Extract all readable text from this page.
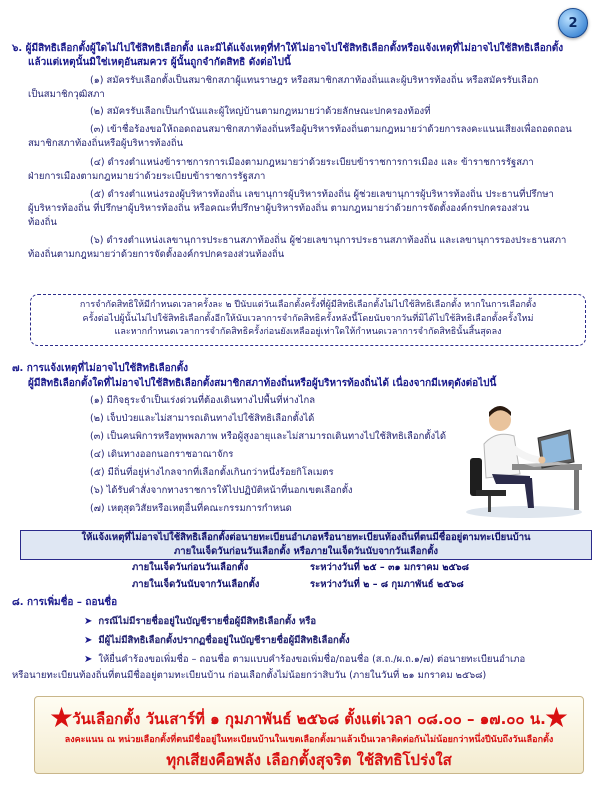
2
๖. ผู้มีสิทธิเลือกตั้งผู้ใดไม่ไปใช้สิทธิเลือกตั้ง และมิได้แจ้งเหตุที่ทำให้ไม่อาจไปใช้สิทธิเลือกตั้งหรือแจ้งเหตุที่ไม่อาจไปใช้สิทธิเลือกตั้ง
แล้วแต่เหตุนั้นมิใช่เหตุอันสมควร ผู้นั้นถูกจำกัดสิทธิ ดังต่อไปนี้
(๑) สมัครรับเลือกตั้งเป็นสมาชิกสภาผู้แทนราษฎร หรือสมาชิกสภาท้องถิ่นและผู้บริหารท้องถิ่น หรือสมัครรับเลือก
เป็นสมาชิกวุฒิสภา
(๒) สมัครรับเลือกเป็นกำนันและผู้ใหญ่บ้านตามกฎหมายว่าด้วยลักษณะปกครองท้องที่
(๓) เข้าชื่อร้องขอให้ถอดถอนสมาชิกสภาท้องถิ่นหรือผู้บริหารท้องถิ่นตามกฎหมายว่าด้วยการลงคะแนนเสียงเพื่อถอดถอน
สมาชิกสภาท้องถิ่นหรือผู้บริหารท้องถิ่น
(๔) ดำรงตำแหน่งข้าราชการการเมืองตามกฎหมายว่าด้วยระเบียบข้าราชการการเมือง และ ข้าราชการรัฐสภา
ฝ่ายการเมืองตามกฎหมายว่าด้วยระเบียบข้าราชการรัฐสภา
(๕) ดำรงตำแหน่งรองผู้บริหารท้องถิ่น เลขานุการผู้บริหารท้องถิ่น ผู้ช่วยเลขานุการผู้บริหารท้องถิ่น ประธานที่ปรึกษา
ผู้บริหารท้องถิ่น ที่ปรึกษาผู้บริหารท้องถิ่น หรือคณะที่ปรึกษาผู้บริหารท้องถิ่น ตามกฎหมายว่าด้วยการจัดตั้งองค์กรปกครองส่วน
ท้องถิ่น
(๖) ดำรงตำแหน่งเลขานุการประธานสภาท้องถิ่น ผู้ช่วยเลขานุการประธานสภาท้องถิ่น และเลขานุการรองประธานสภา
ท้องถิ่นตามกฎหมายว่าด้วยการจัดตั้งองค์กรปกครองส่วนท้องถิ่น
การจำกัดสิทธิให้มีกำหนดเวลาครั้งละ ๒ ปีนับแต่วันเลือกตั้งครั้งที่ผู้มีสิทธิเลือกตั้งไม่ไปใช้สิทธิเลือกตั้ง หากในการเลือกตั้ง
ครั้งต่อไปผู้นั้นไม่ไปใช้สิทธิเลือกตั้งอีกให้นับเวลาการจำกัดสิทธิครั้งหลังนี้โดยนับจากวันที่มิได้ไปใช้สิทธิเลือกตั้งครั้งใหม่
และหากกำหนดเวลาการจำกัดสิทธิครั้งก่อนยังเหลืออยู่เท่าใดให้กำหนดเวลาการจำกัดสิทธินั้นสิ้นสุดลง
๗. การแจ้งเหตุที่ไม่อาจไปใช้สิทธิเลือกตั้ง
ผู้มีสิทธิเลือกตั้งใดที่ไม่อาจไปใช้สิทธิเลือกตั้งสมาชิกสภาท้องถิ่นหรือผู้บริหารท้องถิ่นได้ เนื่องจากมีเหตุดังต่อไปนี้
(๑) มีกิจธุระจำเป็นเร่งด่วนที่ต้องเดินทางไปพื้นที่ห่างไกล
(๒) เจ็บป่วยและไม่สามารถเดินทางไปใช้สิทธิเลือกตั้งได้
(๓) เป็นคนพิการหรือทุพพลภาพ หรือผู้สูงอายุและไม่สามารถเดินทางไปใช้สิทธิเลือกตั้งได้
(๔) เดินทางออกนอกราชอาณาจักร
(๕) มีถิ่นที่อยู่ห่างไกลจากที่เลือกตั้งเกินกว่าหนึ่งร้อยกิโลเมตร
(๖) ได้รับคำสั่งจากทางราชการให้ไปปฏิบัติหน้าที่นอกเขตเลือกตั้ง
(๗) เหตุสุดวิสัยหรือเหตุอื่นที่คณะกรรมการกำหนด
ให้แจ้งเหตุที่ไม่อาจไปใช้สิทธิเลือกตั้งต่อนายทะเบียนอำเภอหรือนายทะเบียนท้องถิ่นที่ตนมีชื่ออยู่ตามทะเบียนบ้าน
ภายในเจ็ดวันก่อนวันเลือกตั้ง หรือภายในเจ็ดวันนับจากวันเลือกตั้ง
ภายในเจ็ดวันก่อนวันเลือกตั้ง	ระหว่างวันที่ ๒๕ – ๓๑ มกราคม ๒๕๖๘
ภายในเจ็ดวันนับจากวันเลือกตั้ง	ระหว่างวันที่ ๒ – ๘ กุมภาพันธ์ ๒๕๖๘
๘. การเพิ่มชื่อ – ถอนชื่อ
➤ กรณีไม่มีรายชื่ออยู่ในบัญชีรายชื่อผู้มีสิทธิเลือกตั้ง หรือ
➤ มีผู้ไม่มีสิทธิเลือกตั้งปรากฏชื่ออยู่ในบัญชีรายชื่อผู้มีสิทธิเลือกตั้ง
➤ ให้ยื่นคำร้องขอเพิ่มชื่อ – ถอนชื่อ ตามแบบคำร้องขอเพิ่มชื่อ/ถอนชื่อ (ส.ถ./ผ.ถ.๑/๗) ต่อนายทะเบียนอำเภอ
หรือนายทะเบียนท้องถิ่นที่ตนมีชื่ออยู่ตามทะเบียนบ้าน ก่อนเลือกตั้งไม่น้อยกว่าสิบวัน (ภายในวันที่ ๒๑ มกราคม ๒๕๖๘)
★	★
วันเลือกตั้ง วันเสาร์ที่ ๑ กุมภาพันธ์ ๒๕๖๘ ตั้งแต่เวลา ๐๘.๐๐ – ๑๗.๐๐ น.
ลงคะแนน ณ หน่วยเลือกตั้งที่ตนมีชื่ออยู่ในทะเบียนบ้านในเขตเลือกตั้งมาแล้วเป็นเวลาติดต่อกันไม่น้อยกว่าหนึ่งปีนับถึงวันเลือกตั้ง
ทุกเสียงคือพลัง เลือกตั้งสุจริต ใช้สิทธิโปร่งใส
